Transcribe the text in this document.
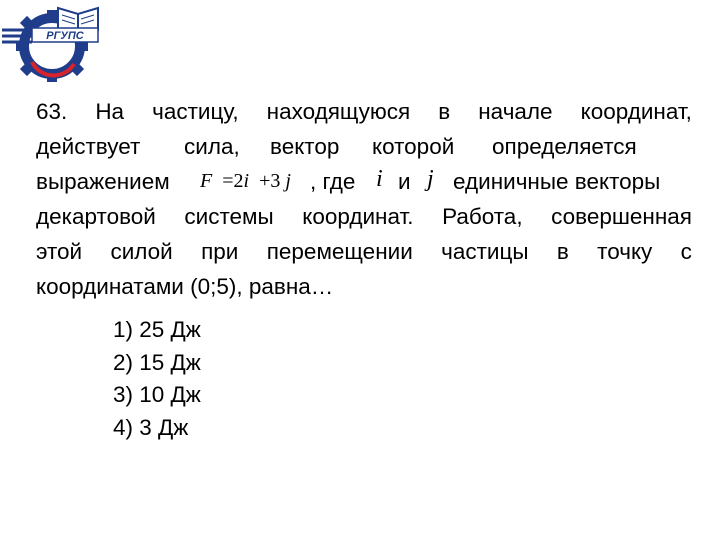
РГУПС
63. На частицу, находящуюся в начале координат,
действует сила, вектор которой определяется
выражением F =2i +3 j , где i и j единичные векторы
декартовой системы координат. Работа, совершенная
этой силой при перемещении частицы в точку с
координатами (0;5), равна…
1) 25 Дж
2) 15 Дж
3) 10 Дж
4) 3 Дж
